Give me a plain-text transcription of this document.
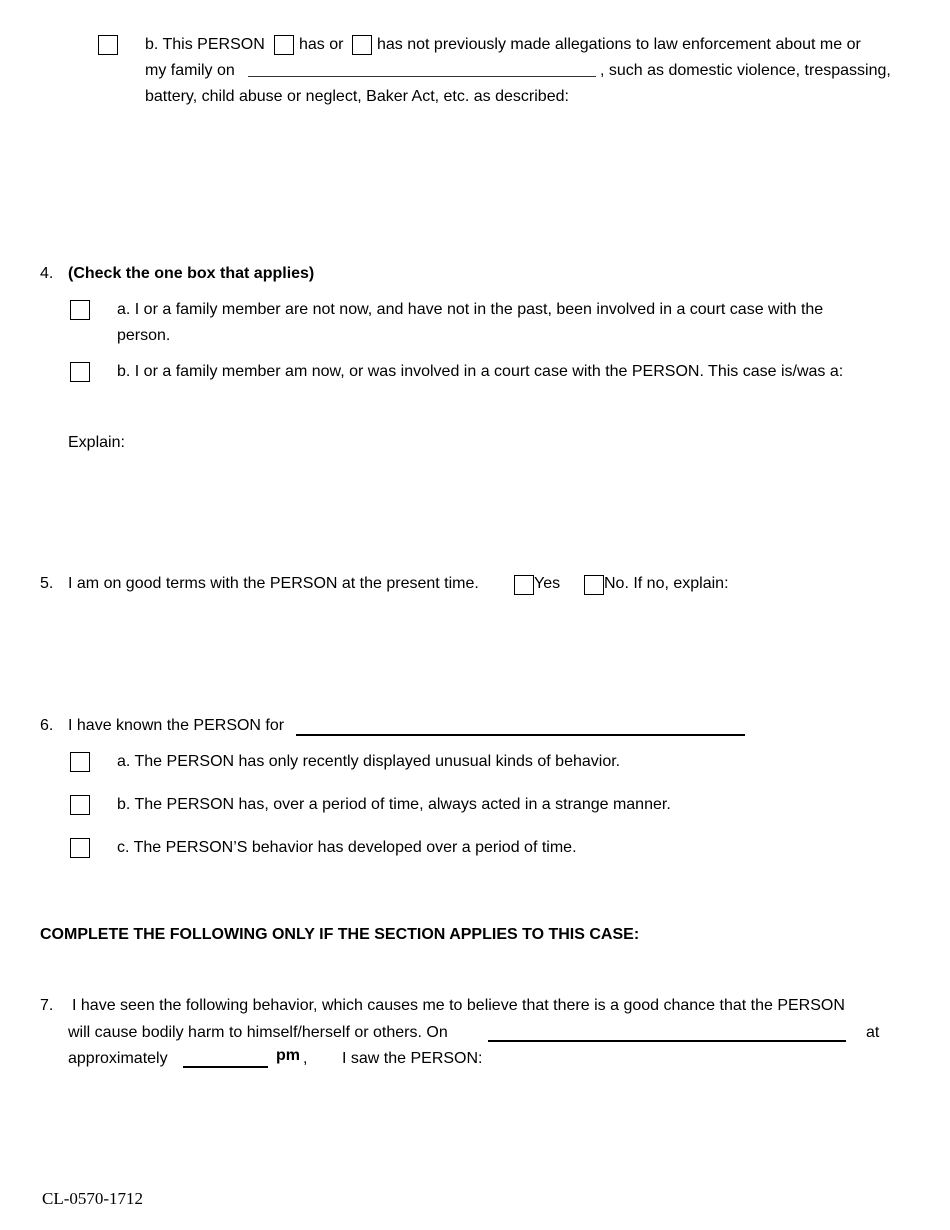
b. This PERSON has or has not previously made allegations to law enforcement about me or
my family on	, such as domestic violence, trespassing,
battery, child abuse or neglect, Baker Act, etc. as described:
4. (Check the one box that applies)
a. I or a family member are not now, and have not in the past, been involved in a court case with the
person.
b. I or a family member am now, or was involved in a court case with the PERSON. This case is/was a:
Explain:
5. I am on good terms with the PERSON at the present time.	Yes	No. If no, explain:
6. I have known the PERSON for
a. The PERSON has only recently displayed unusual kinds of behavior.
b. The PERSON has, over a period of time, always acted in a strange manner.
c. The PERSON’S behavior has developed over a period of time.
COMPLETE THE FOLLOWING ONLY IF THE SECTION APPLIES TO THIS CASE:
7. I have seen the following behavior, which causes me to believe that there is a good chance that the PERSON
will cause bodily harm to himself/herself or others. On	at
approximately	pm , I saw the PERSON:
CL-0570-1712
